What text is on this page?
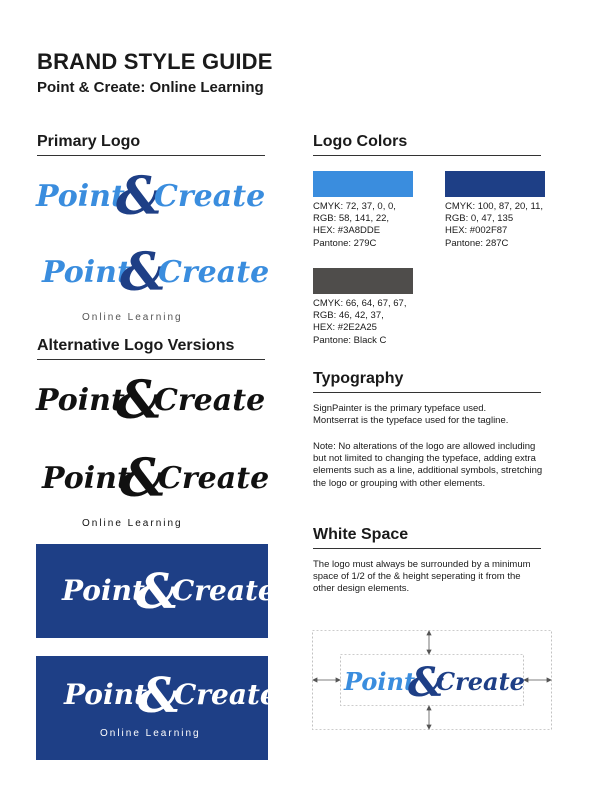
BRAND STYLE GUIDE
Point & Create: Online Learning
Primary Logo
Point
&
Create
Point
&
Create
Online Learning
Alternative Logo Versions
Point
&
Create
Point
&
Create
Online Learning
Point
&
Create
Point
&
Create
Online Learning
Logo Colors
CMYK: 72, 37, 0, 0,
RGB: 58, 141, 22,
HEX: #3A8DDE
Pantone: 279C
CMYK: 100, 87, 20, 11,
RGB: 0, 47, 135
HEX: #002F87
Pantone: 287C
CMYK: 66, 64, 67, 67,
RGB: 46, 42, 37,
HEX: #2E2A25
Pantone: Black C
Typography
SignPainter is the primary typeface used.
Montserrat is the typeface used for the tagline.
Note: No alterations of the logo are allowed including
but not limited to changing the typeface, adding extra
elements such as a line, additional symbols, stretching
the logo or grouping with other elements.
White Space
The logo must always be surrounded by a minimum
space of 1/2 of the & height seperating it from the
other design elements.
Point
&
Create
